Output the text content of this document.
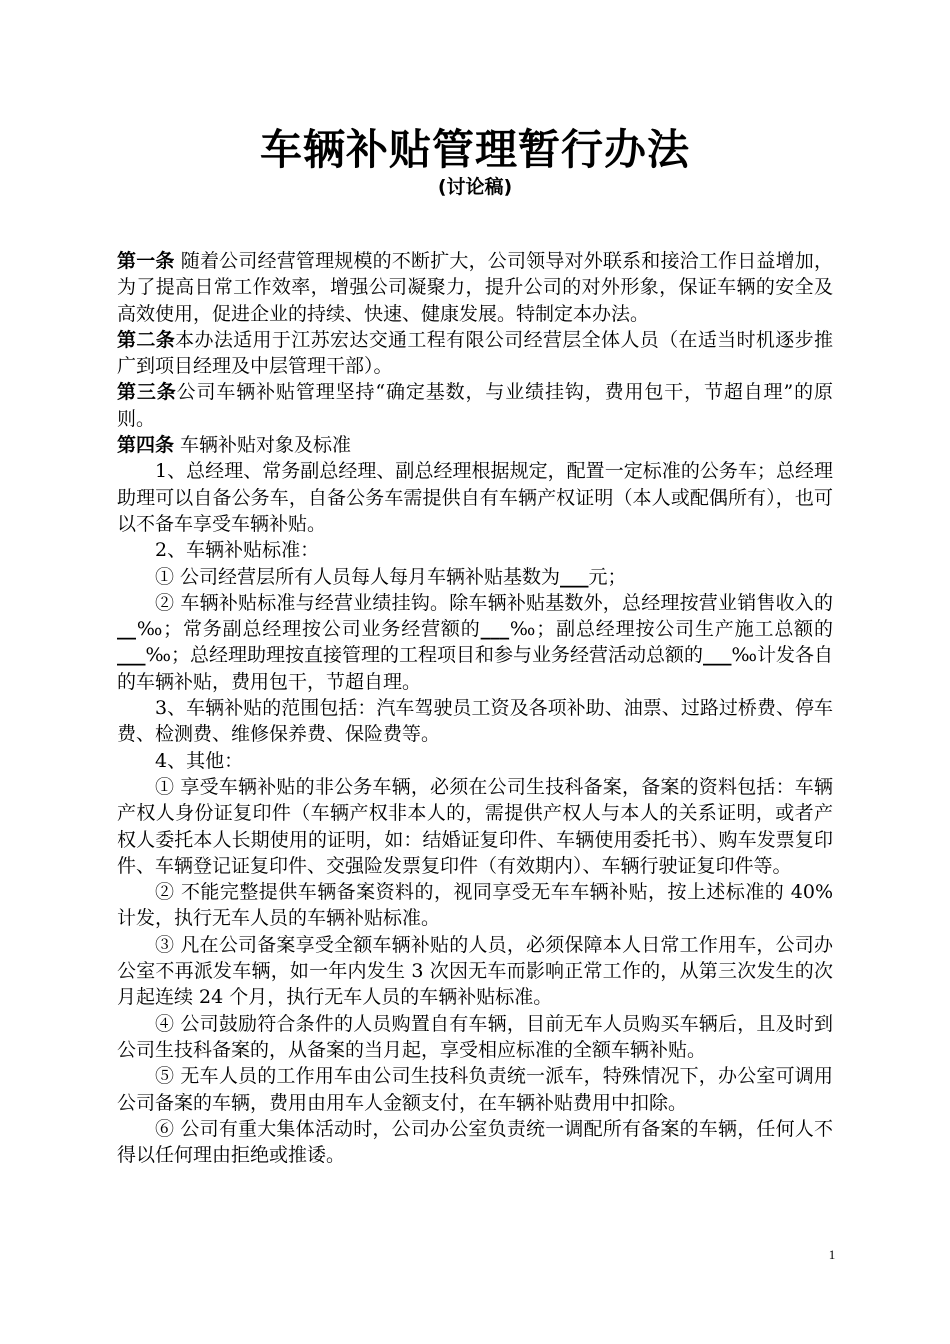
车辆补贴管理暂行办法
(讨论稿)

第一条 随着公司经营管理规模的不断扩大，公司领导对外联系和接洽工作日益增加，为了提高日常工作效率，增强公司凝聚力，提升公司的对外形象，保证车辆的安全及高效使用，促进企业的持续、快速、健康发展。特制定本办法。

第二条本办法适用于江苏宏达交通工程有限公司经营层全体人员（在适当时机逐步推广到项目经理及中层管理干部）。

第三条公司车辆补贴管理坚持“确定基数，与业绩挂钩，费用包干，节超自理”的原则。

第四条 车辆补贴对象及标准

1、总经理、常务副总经理、副总经理根据规定，配置一定标准的公务车；总经理助理可以自备公务车，自备公务车需提供自有车辆产权证明（本人或配偶所有），也可以不备车享受车辆补贴。

2、车辆补贴标准：

① 公司经营层所有人员每人每月车辆补贴基数为___元；

② 车辆补贴标准与经营业绩挂钩。除车辆补贴基数外，总经理按营业销售收入的__‰；常务副总经理按公司业务经营额的___‰；副总经理按公司生产施工总额的___‰；总经理助理按直接管理的工程项目和参与业务经营活动总额的___‰计发各自的车辆补贴，费用包干，节超自理。

3、车辆补贴的范围包括：汽车驾驶员工资及各项补助、油票、过路过桥费、停车费、检测费、维修保养费、保险费等。

4、其他：

① 享受车辆补贴的非公务车辆，必须在公司生技科备案，备案的资料包括：车辆产权人身份证复印件（车辆产权非本人的，需提供产权人与本人的关系证明，或者产权人委托本人长期使用的证明，如：结婚证复印件、车辆使用委托书）、购车发票复印件、车辆登记证复印件、交强险发票复印件（有效期内）、车辆行驶证复印件等。

② 不能完整提供车辆备案资料的，视同享受无车车辆补贴，按上述标准的 40%计发，执行无车人员的车辆补贴标准。

③ 凡在公司备案享受全额车辆补贴的人员，必须保障本人日常工作用车，公司办公室不再派发车辆，如一年内发生 3 次因无车而影响正常工作的，从第三次发生的次月起连续 24 个月，执行无车人员的车辆补贴标准。

④ 公司鼓励符合条件的人员购置自有车辆，目前无车人员购买车辆后，且及时到公司生技科备案的，从备案的当月起，享受相应标准的全额车辆补贴。

⑤ 无车人员的工作用车由公司生技科负责统一派车，特殊情况下，办公室可调用公司备案的车辆，费用由用车人金额支付，在车辆补贴费用中扣除。

⑥ 公司有重大集体活动时，公司办公室负责统一调配所有备案的车辆，任何人不得以任何理由拒绝或推诿。

1
